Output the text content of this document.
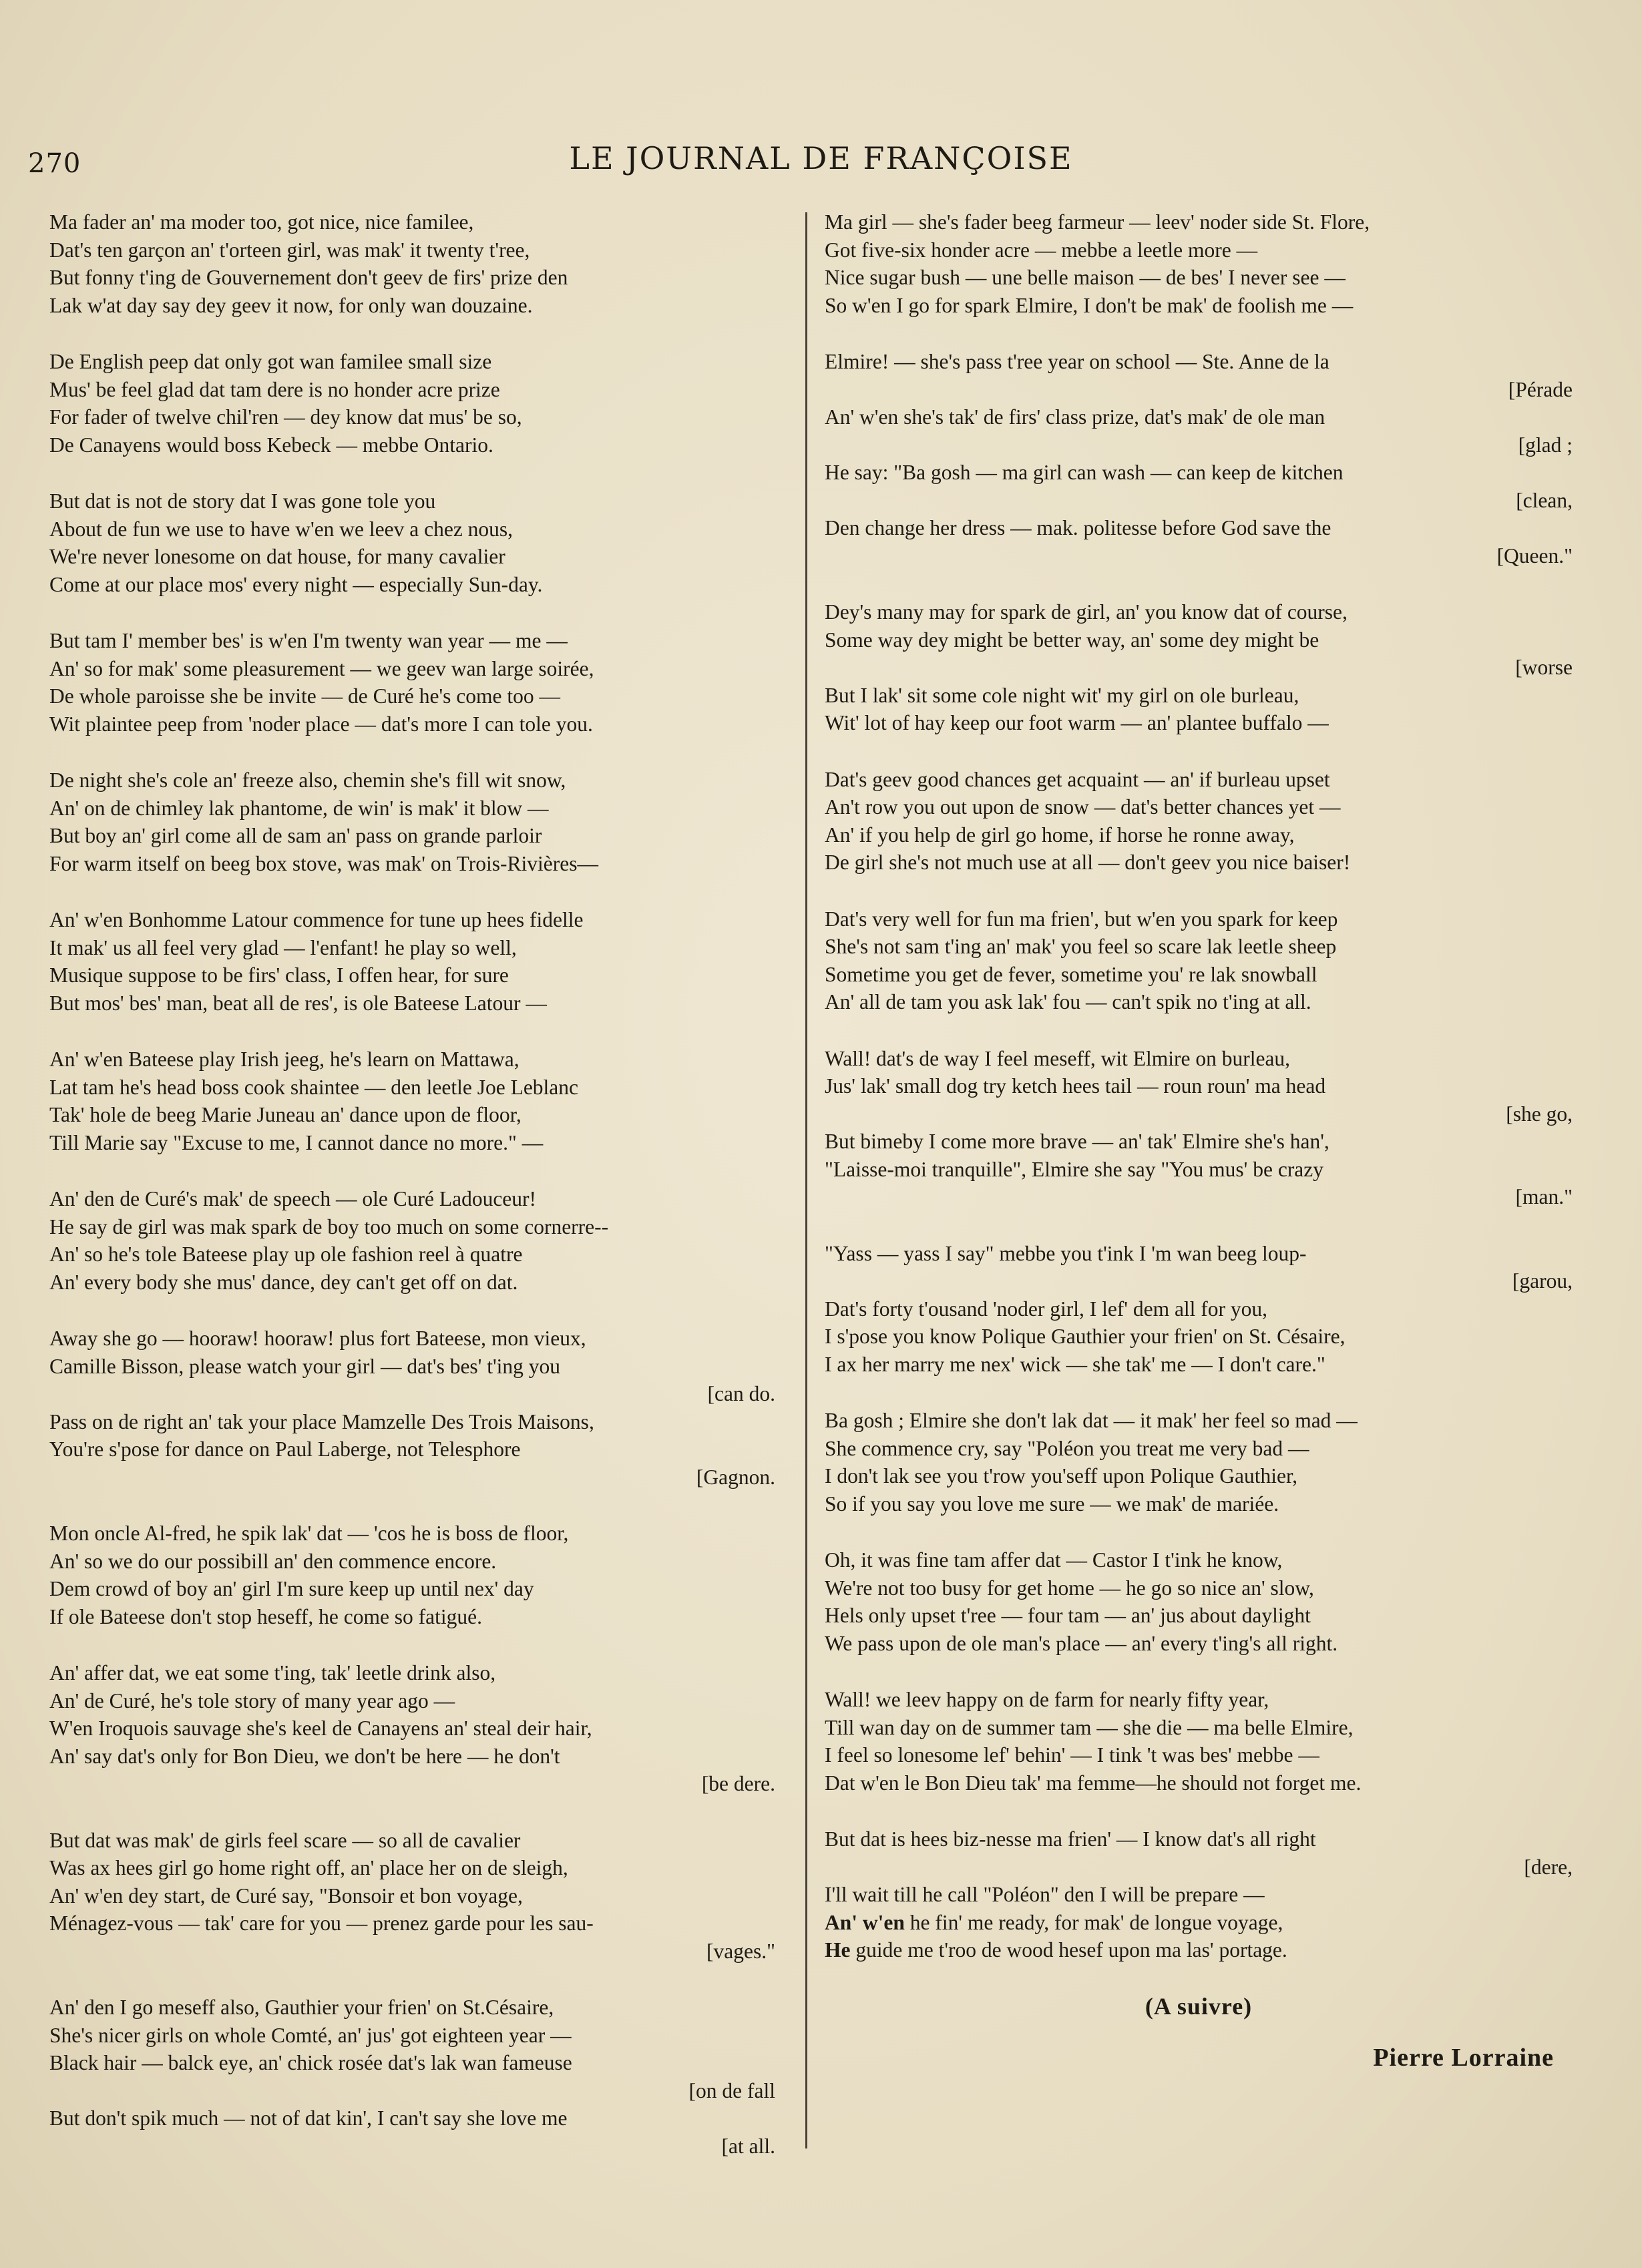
270	LE JOURNAL DE FRANÇOISE
Ma fader an' ma moder too, got nice, nice familee,
Dat's ten garçon an' t'orteen girl, was mak' it twenty t'ree,
But fonny t'ing de Gouvernement don't geev de firs' prize den
Lak w'at day say dey geev it now, for only wan douzaine.
De English peep dat only got wan familee small size
Mus' be feel glad dat tam dere is no honder acre prize
For fader of twelve chil'ren — dey know dat mus' be so,
De Canayens would boss Kebeck — mebbe Ontario.
But dat is not de story dat I was gone tole you
About de fun we use to have w'en we leev a chez nous,
We're never lonesome on dat house, for many cavalier
Come at our place mos' every night — especially Sun-day.
But tam I' member bes' is w'en I'm twenty wan year — me —
An' so for mak' some pleasurement — we geev wan large soirée,
De whole paroisse she be invite — de Curé he's come too —
Wit plaintee peep from 'noder place — dat's more I can tole you.
De night she's cole an' freeze also, chemin she's fill wit snow,
An' on de chimley lak phantome, de win' is mak' it blow —
But boy an' girl come all de sam an' pass on grande parloir
For warm itself on beeg box stove, was mak' on Trois-Rivières—
An' w'en Bonhomme Latour commence for tune up hees fidelle
It mak' us all feel very glad — l'enfant! he play so well,
Musique suppose to be firs' class, I offen hear, for sure
But mos' bes' man, beat all de res', is ole Bateese Latour —
An' w'en Bateese play Irish jeeg, he's learn on Mattawa,
Lat tam he's head boss cook shaintee — den leetle Joe Leblanc
Tak' hole de beeg Marie Juneau an' dance upon de floor,
Till Marie say "Excuse to me, I cannot dance no more." —
An' den de Curé's mak' de speech — ole Curé Ladouceur!
He say de girl was mak spark de boy too much on some cornerre--
An' so he's tole Bateese play up ole fashion reel à quatre
An' every body she mus' dance, dey can't get off on dat.
Away she go — hooraw! hooraw! plus fort Bateese, mon vieux,
Camille Bisson, please watch your girl — dat's bes' t'ing you
[can do.
Pass on de right an' tak your place Mamzelle Des Trois Maisons,
You're s'pose for dance on Paul Laberge, not Telesphore
[Gagnon.
Mon oncle Al-fred, he spik lak' dat — 'cos he is boss de floor,
An' so we do our possibill an' den commence encore.
Dem crowd of boy an' girl I'm sure keep up until nex' day
If ole Bateese don't stop heseff, he come so fatigué.
An' affer dat, we eat some t'ing, tak' leetle drink also,
An' de Curé, he's tole story of many year ago —
W'en Iroquois sauvage she's keel de Canayens an' steal deir hair,
An' say dat's only for Bon Dieu, we don't be here — he don't
[be dere.
But dat was mak' de girls feel scare — so all de cavalier
Was ax hees girl go home right off, an' place her on de sleigh,
An' w'en dey start, de Curé say, "Bonsoir et bon voyage,
Ménagez-vous — tak' care for you — prenez garde pour les sau-
[vages."
An' den I go meseff also, Gauthier your frien' on St.Césaire,
She's nicer girls on whole Comté, an' jus' got eighteen year —
Black hair — balck eye, an' chick rosée dat's lak wan fameuse
[on de fall
But don't spik much — not of dat kin', I can't say she love me
[at all.
Ma girl — she's fader beeg farmeur — leev' noder side St. Flore,
Got five-six honder acre — mebbe a leetle more —
Nice sugar bush — une belle maison — de bes' I never see —
So w'en I go for spark Elmire, I don't be mak' de foolish me —
Elmire! — she's pass t'ree year on school — Ste. Anne de la
[Pérade
An' w'en she's tak' de firs' class prize, dat's mak' de ole man
[glad ;
He say: "Ba gosh — ma girl can wash — can keep de kitchen
[clean,
Den change her dress — mak. politesse before God save the
[Queen."
Dey's many may for spark de girl, an' you know dat of course,
Some way dey might be better way, an' some dey might be
[worse
But I lak' sit some cole night wit' my girl on ole burleau,
Wit' lot of hay keep our foot warm — an' plantee buffalo —
Dat's geev good chances get acquaint — an' if burleau upset
An't row you out upon de snow — dat's better chances yet —
An' if you help de girl go home, if horse he ronne away,
De girl she's not much use at all — don't geev you nice baiser!
Dat's very well for fun ma frien', but w'en you spark for keep
She's not sam t'ing an' mak' you feel so scare lak leetle sheep
Sometime you get de fever, sometime you' re lak snowball
An' all de tam you ask lak' fou — can't spik no t'ing at all.
Wall! dat's de way I feel meseff, wit Elmire on burleau,
Jus' lak' small dog try ketch hees tail — roun roun' ma head
[she go,
But bimeby I come more brave — an' tak' Elmire she's han',
"Laisse-moi tranquille", Elmire she say "You mus' be crazy
[man."
"Yass — yass I say" mebbe you t'ink I 'm wan beeg loup-
[garou,
Dat's forty t'ousand 'noder girl, I lef' dem all for you,
I s'pose you know Polique Gauthier your frien' on St. Césaire,
I ax her marry me nex' wick — she tak' me — I don't care."
Ba gosh ; Elmire she don't lak dat — it mak' her feel so mad —
She commence cry, say "Poléon you treat me very bad —
I don't lak see you t'row you'seff upon Polique Gauthier,
So if you say you love me sure — we mak' de mariée.
Oh, it was fine tam affer dat — Castor I t'ink he know,
We're not too busy for get home — he go so nice an' slow,
Hels only upset t'ree — four tam — an' jus about daylight
We pass upon de ole man's place — an' every t'ing's all right.
Wall! we leev happy on de farm for nearly fifty year,
Till wan day on de summer tam — she die — ma belle Elmire,
I feel so lonesome lef' behin' — I tink 't was bes' mebbe —
Dat w'en le Bon Dieu tak' ma femme—he should not forget me.
But dat is hees biz-nesse ma frien' — I know dat's all right
[dere,
I'll wait till he call "Poléon" den I will be prepare —
An' w'en he fin' me ready, for mak' de longue voyage,
He guide me t'roo de wood hesef upon ma las' portage.
(A suivre)
Pierre Lorraine
